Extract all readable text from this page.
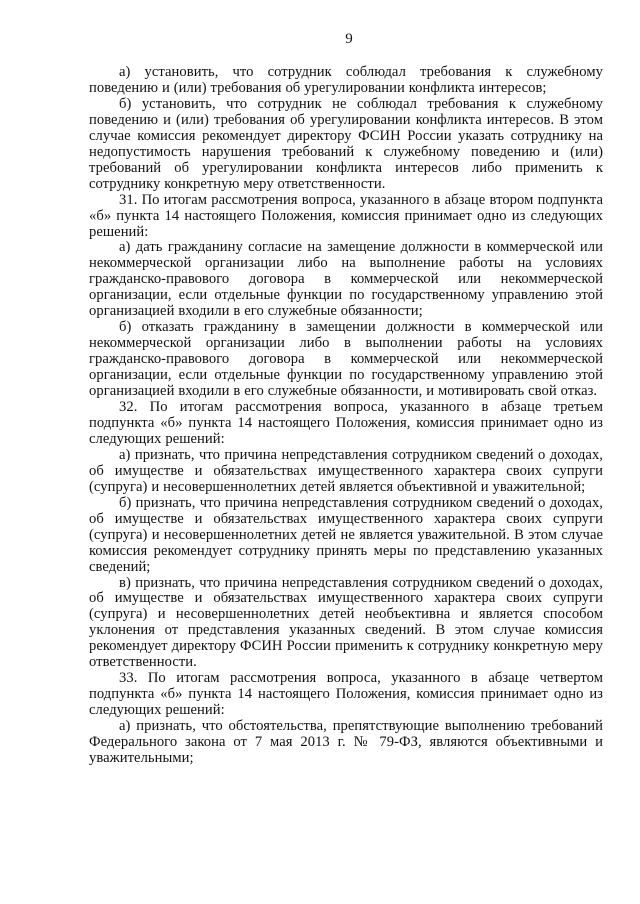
9

а) установить, что сотрудник соблюдал требования к служебному поведению и (или) требования об урегулировании конфликта интересов;

б) установить, что сотрудник не соблюдал требования к служебному поведению и (или) требования об урегулировании конфликта интересов. В этом случае комиссия рекомендует директору ФСИН России указать сотруднику на недопустимость нарушения требований к служебному поведению и (или) требований об урегулировании конфликта интересов либо применить к сотруднику конкретную меру ответственности.

31. По итогам рассмотрения вопроса, указанного в абзаце втором подпункта «б» пункта 14 настоящего Положения, комиссия принимает одно из следующих решений:

а) дать гражданину согласие на замещение должности в коммерческой или некоммерческой организации либо на выполнение работы на условиях гражданско-правового договора в коммерческой или некоммерческой организации, если отдельные функции по государственному управлению этой организацией входили в его служебные обязанности;

б) отказать гражданину в замещении должности в коммерческой или некоммерческой организации либо в выполнении работы на условиях гражданско-правового договора в коммерческой или некоммерческой организации, если отдельные функции по государственному управлению этой организацией входили в его служебные обязанности, и мотивировать свой отказ.

32. По итогам рассмотрения вопроса, указанного в абзаце третьем подпункта «б» пункта 14 настоящего Положения, комиссия принимает одно из следующих решений:

а) признать, что причина непредставления сотрудником сведений о доходах, об имуществе и обязательствах имущественного характера своих супруги (супруга) и несовершеннолетних детей является объективной и уважительной;

б) признать, что причина непредставления сотрудником сведений о доходах, об имуществе и обязательствах имущественного характера своих супруги (супруга) и несовершеннолетних детей не является уважительной. В этом случае комиссия рекомендует сотруднику принять меры по представлению указанных сведений;

в) признать, что причина непредставления сотрудником сведений о доходах, об имуществе и обязательствах имущественного характера своих супруги (супруга) и несовершеннолетних детей необъективна и является способом уклонения от представления указанных сведений. В этом случае комиссия рекомендует директору ФСИН России применить к сотруднику конкретную меру ответственности.

33. По итогам рассмотрения вопроса, указанного в абзаце четвертом подпункта «б» пункта 14 настоящего Положения, комиссия принимает одно из следующих решений:

а) признать, что обстоятельства, препятствующие выполнению требований Федерального закона от 7 мая 2013 г. № 79-ФЗ, являются объективными и уважительными;
